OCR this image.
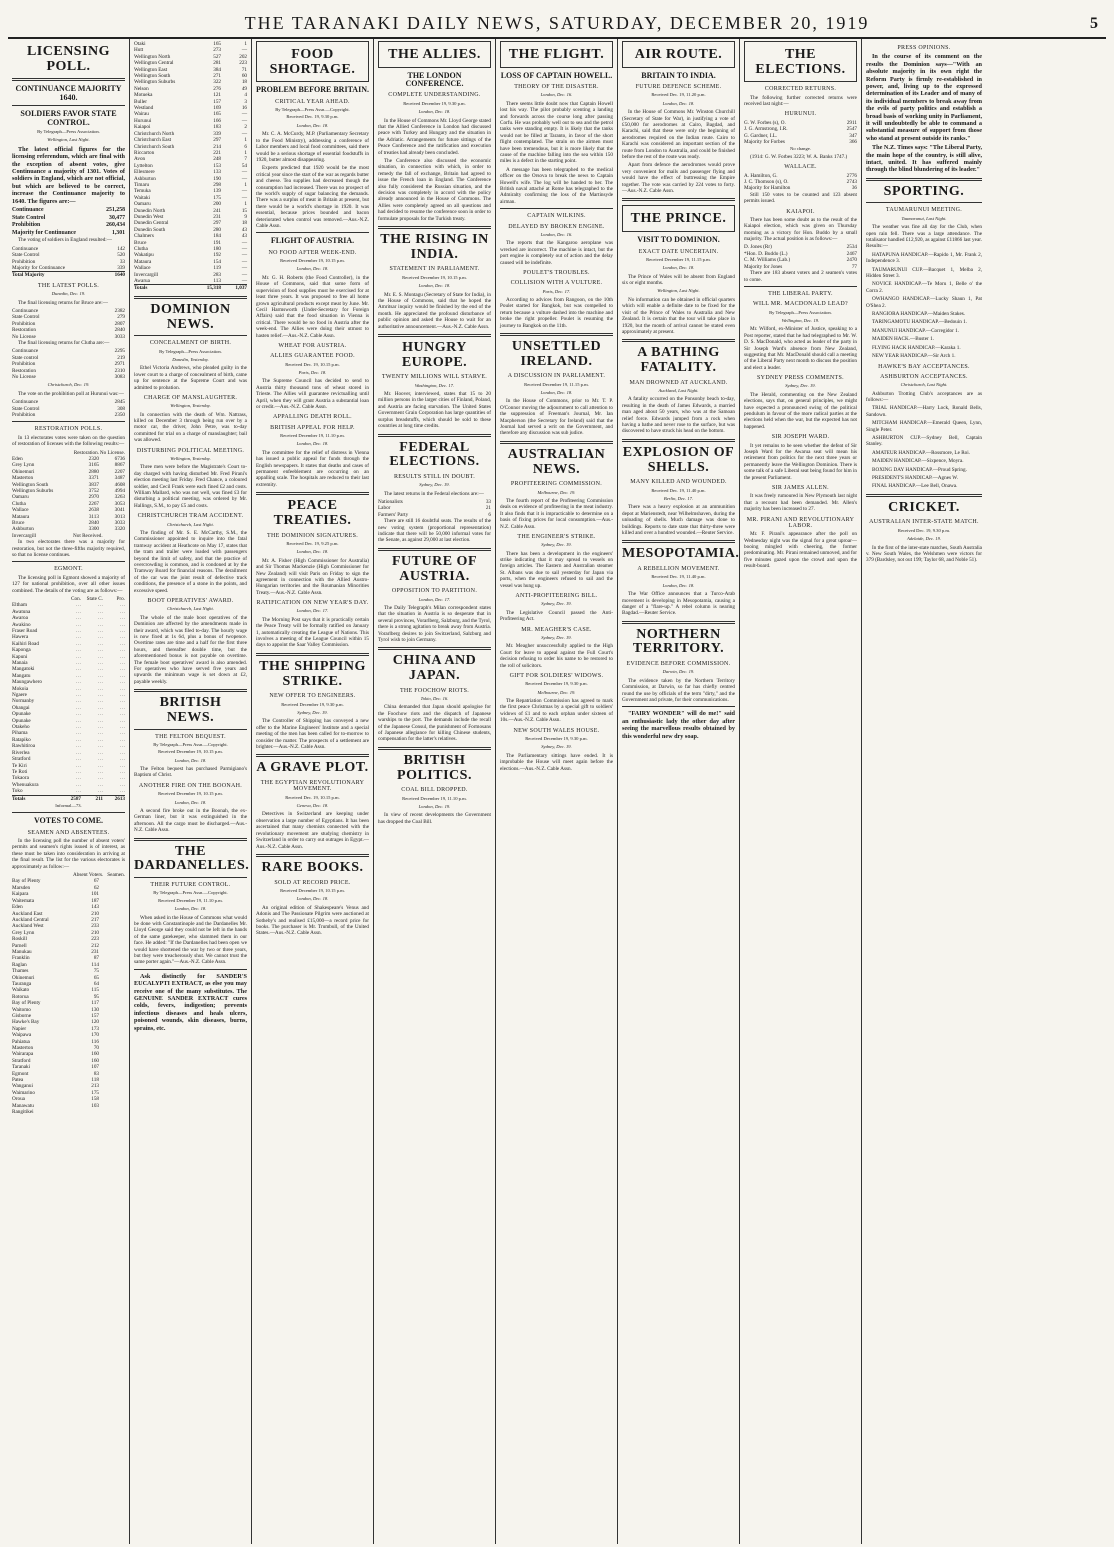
THE TARANAKI DAILY NEWS, SATURDAY, DECEMBER 20, 1919	5
LICENSING POLL.
CONTINUANCE MAJORITY 1640.
SOLDIERS FAVOR STATE CONTROL.
By Telegraph—Press Association.
Wellington, Last Night.

The latest official figures for the licensing referendum, which are final with the exception of absent votes, give Continuance a majority of 1301. Votes of soldiers in England, which are not official, but which are believed to be correct, increase the Continuance majority to 1640. The figures are:—

Continuance	251,258
State Control	30,477
Prohibition	260,434
Majority for Continuance	1,301

The voting of soldiers in England resulted:—

Continuance	142
State Control	520
Prohibition	33
Majority for Continuance	339
Total Majority	1640
THE LATEST POLLS.
Dunedin, Dec. 19.

The final licensing returns for Bruce are:—

Continuance	2382
State Control	279
Prohibition	2807
Restoration	2840
No License	3033

The final licensing returns for Clutha are:—

Continuance	2295
State control	219
Prohibition	2971
Restoration	2310
No License	3083
Christchurch, Dec. 19.

The vote on the prohibition poll at Hurunui was:—

Continuance	2845
State Control	308
Prohibition	2350
RESTORATION POLLS.

In 13 electorates votes were taken on the question of restoration of licenses with the following results:—

Restoration. No License.
Eden	2320	6736
Grey Lynn	3165	8867
Ohinemuri	2880	2207
Masterton	3371	3487
Wellington South	3837	4608
Wellington Suburbs	3752	4994
Oamaru	2970	3263
Clutha	2267	3053
Wallace	2638	3041
Mataura	3113	3013
Bruce	2840	3033
Ashburton	3300	3320
Invercargill	Not Received.

In two electorates there was a majority for restoration, but not the three-fifths majority required, so that no license continues.

EGMONT.

The licensing poll in Egmont showed a majority of 127 for national prohibition, over all other issues combined. The details of the voting are as follows:—

Con.	State C.	Pro.
Eltham	…	…	…
Awatuna	…	…	…
Awaroa	…	…	…
Awakino	…	…	…
Fraser Road	…	…	…
Hawera	…	…	…
Kaihiri Road	…	…	…
Kaponga	…	…	…
Kapuni	…	…	…
Manaia	…	…	…
Mangatoki	…	…	…
Mangatu	…	…	…
Maungawhero	…	…	…
Mokoia	…	…	…
Ngaere	…	…	…
Normanby	…	…	…
Ohangai	…	…	…
Opunake	…	…	…
Opunake	…	…	…
Otakeho	…	…	…
Pihama	…	…	…
Ratapiko	…	…	…
Rawhitiroa	…	…	…
Riverlea	…	…	…
Stratford	…	…	…
Te Kiri	…	…	…
Te Roti	…	…	…
Tokaora	…	…	…
Whenuakura	…	…	…
Toko	…	…	…
Totals	2587	211	2613
Informal—73.
VOTES TO COME.
SEAMEN AND ABSENTEES.

In the licensing poll the number of absent voters' permits and seamen's rights issued is of interest, as these must be taken into consideration in arriving at the final result. The list for the various electorates is approximately as follow:—

Absent Voters. Seamen.
Bay of Plenty	67
Marsden	62
Kaipara	101
Waitemata	187
Eden	143
Auckland East	210
Auckland Central	217
Auckland West	233
Grey Lynn	210
Roskill	223
Parnell	212
Manukau	231
Franklin	87
Raglan	114
Thames	75
Ohinemuri	65
Tauranga	64
Waikato	115
Rotorua	95
Bay of Plenty	117
Waitomo	130
Gisborne	157
Hawke's Bay	120
Napier	173
Waipawa	170
Pahiatua	116
Masterton	70
Wairarapa	160
Stratford	160
Taranaki	107
Egmont	83
Patea	118
Wanganui	213
Waimarino	175
Oroua	158
Manawatu	103
Rangitikei
Otaki	165	1
Hutt	273	—
Wellington North	527	202
Wellington Central	281	223
Wellington East	384	71
Wellington South	271	60
Wellington Suburbs	322	18
Nelson	276	49
Motueka	121	4
Buller	157	3
Westland	169	16
Wairau	165	—
Hurunui	166	—
Kaiapoi	183	2
Christchurch North	339	—
Christchurch East	297	1
Christchurch South	214	6
Riccarton	221	1
Avon	248	7
Lyttelton	153	54
Ellesmere	133	—
Ashburton	190	—
Timaru	298	1
Temuka	139	—
Waitaki	175	—
Oamaru	200	1
Dunedin North	241	15
Dunedin West	231	9
Dunedin Central	297	18
Dunedin South	280	43
Chalmers	184	43
Bruce	191	—
Clutha	180	—
Wakatipu	192	—
Mataura	154	—
Wallace	119	—
Invercargill	283	—
Awarua	113	—
Totals	15,318	1,037
DOMINION NEWS.
CONCEALMENT OF BIRTH.
By Telegraph—Press Association.
Dunedin, Yesterday.

Ethel Victoria Andrews, who pleaded guilty in the lower court to a charge of concealment of birth, came up for sentence at the Supreme Court and was admitted to probation.

CHARGE OF MANSLAUGHTER.
Wellington, Yesterday.

In connection with the death of Wm. Nattrass, killed on December 3 through being run over by a motor car, the driver, John Petre, was to-day committed for trial on a charge of manslaughter; bail was allowed.

DISTURBING POLITICAL MEETING.
Wellington, Yesterday.

Three men were before the Magistrate's Court to-day charged with having disturbed Mr. Fred Pirani's election meeting last Friday. Fred Chance, a coloured soldier, and Cecil Frank were each fined £2 and costs. William Mallard, who was not well, was fined £3 for disturbing a political meeting, was ordered by Mr. Hallings, S.M., to pay £5 and costs.

CHRISTCHURCH TRAM ACCIDENT.
Christchurch, Last Night.

The finding of Mr. S. E. McCarthy, S.M., the Commissioner appointed to inquire into the fatal tramway accident at Heathcote on May 17, states that the tram and trailer were loaded with passengers beyond the limit of safety, and that the practice of overcrowding is common, and is condoned at by the Tramway Board for financial reasons. The derailment of the car was the joint result of defective track conditions, the presence of a stone in the points, and excessive speed.

BOOT OPERATIVES' AWARD.
Christchurch, Last Night.

The whole of the male boot operatives of the Dominion are affected by the amendments made in their award, which was filed to-day. The hourly wage is now fixed at 1s 6d, plus a bonus of twopence. Overtime rates are time and a half for the first three hours, and thereafter double time, but the aforementioned bonus is not payable on overtime. The female boot operatives' award is also amended. For operatives who have served five years and upwards the minimum wage is set down at £2, payable weekly.

BRITISH NEWS.
THE FELTON BEQUEST.
By Telegraph—Press Assn.—Copyright.
Received December 19, 10.15 p.m.
London, Dec. 18.

The Felton bequest has purchased Parmigiano's Baptism of Christ.

ANOTHER FIRE ON THE BOONAH.
Received December 19, 10.15 p.m.
London, Dec. 18.

A second fire broke out in the Boonah, the ex-German liner, but it was extinguished in the afternoon. All the cargo must be discharged.—Aus.-N.Z. Cable Assn.

THE DARDANELLES.
THEIR FUTURE CONTROL.
By Telegraph—Press Assn.—Copyright.
Received December 19, 11.10 p.m.
London, Dec. 18.

When asked in the House of Commons what would be done with Constantinople and the Dardanelles Mr. Lloyd George said they could not be left in the hands of the same gatekeeper, who slammed them in our face. He added: "If the Dardanelles had been open we would have shortened the war by two or three years, but they were treacherously shut. We cannot trust the same porter again."—Aus.-N.Z. Cable Assn.

Ask distinctly for SANDER'S EUCALYPTI EXTRACT, as else you may receive one of the many substitutes. The GENUINE SANDER EXTRACT cures colds, fevers, indigestion; prevents infectious diseases and heals ulcers, poisoned wounds, skin diseases, burns, sprains, etc.

FOOD SHORTAGE.
PROBLEM BEFORE BRITAIN.
CRITICAL YEAR AHEAD.
By Telegraph—Press Assn.—Copyright.
Received Dec. 19, 9.30 p.m.
London, Dec. 18.

Mr. C. A. McCurdy, M.P. (Parliamentary Secretary to the Food Ministry), addressing a conference of Labor members and local food committees, said there would be a serious shortage of essential foodstuffs in 1920, butter almost disappearing.

Experts predicted that 1920 would be the most critical year since the start of the war as regards butter and cheese. Tea supplies had decreased though the consumption had increased. There was no prospect of the world's supply of sugar balancing the demands. There was a surplus of meat in Britain at present, but there would be a world's shortage in 1920. It was essential, because prices bounded and bacon deteriorated when control was removed.—Aus.-N.Z. Cable Assn.

FLIGHT OF AUSTRIA.
NO FOOD AFTER WEEK-END.
Received December 19, 10.15 p.m.
London, Dec. 18.

Mr. G. H. Roberts (the Food Controller), in the House of Commons, said that some form of supervision of food supplies must be exercised for at least three years. It was proposed to free all home grown agricultural products except meat by June. Mr. Cecil Harmsworth (Under-Secretary for Foreign Affairs) said that the food situation in Vienna is critical. There would be no food in Austria after the week-end. The Allies were doing their utmost to hasten relief.—Aus.-N.Z. Cable Assn.

WHEAT FOR AUSTRIA.
ALLIES GUARANTEE FOOD.
Received Dec. 19, 10.15 p.m.
Paris, Dec. 18.

The Supreme Council has decided to send to Austria thirty thousand tons of wheat stored in Trieste. The Allies will guarantee revictualling until April, when they will grant Austria a substantial loan or credit.—Aus.-N.Z. Cable Assn.

APPALLING DEATH ROLL.
BRITISH APPEAL FOR HELP.
Received December 19, 11.10 p.m.
London, Dec. 18.

The committee for the relief of distress in Vienna has issued a public appeal for funds through the English newspapers. It states that deaths and cases of permanent enfeeblement are occurring on an appalling scale. The hospitals are reduced to their last extremity.

PEACE TREATIES.
THE DOMINION SIGNATURES.
Received Dec. 19, 9.25 p.m.
London, Dec. 18.

Mr. A. Fisher (High Commissioner for Australia) and Sir Thomas Mackenzie (High Commissioner for New Zealand) will visit Paris on Friday to sign the agreement in connection with the Allied Austro-Hungarian territories and the Roumanian Minorities Treaty.—Aus.-N.Z. Cable Assn.

RATIFICATION ON NEW YEAR'S DAY.
London, Dec. 17.

The Morning Post says that it is practically certain the Peace Treaty will be formally ratified on January 1, automatically creating the League of Nations. This involves a meeting of the League Council within 15 days to appoint the Saar Valley Commission.

THE SHIPPING STRIKE.
NEW OFFER TO ENGINEERS.
Received December 19, 9.30 p.m.
Sydney, Dec. 19.

The Controller of Shipping has conveyed a new offer to the Marine Engineers' Institute and a special meeting of the men has been called for to-morrow to consider the matter. The prospects of a settlement are brighter.—Aus.-N.Z. Cable Assn.

A GRAVE PLOT.
THE EGYPTIAN REVOLUTIONARY MOVEMENT.
Received Dec. 19, 10.15 p.m.
Geneva, Dec. 18.

Detectives in Switzerland are keeping under observation a large number of Egyptians. It has been ascertained that many chemists connected with the revolutionary movement are studying chemistry in Switzerland in order to carry out outrages in Egypt.—Aus.-N.Z. Cable Assn.

RARE BOOKS.
SOLD AT RECORD PRICE.
Received December 19, 10.15 p.m.
London, Dec. 18.

An original edition of Shakespeare's Venus and Adonis and The Passionate Pilgrim were auctioned at Sotheby's and realised £15,000—a record price for books. The purchaser is Mr. Trumbull, of the United States.—Aus.-N.Z. Cable Assn.

THE ALLIES.
THE LONDON CONFERENCE.
COMPLETE UNDERSTANDING.
Received December 19, 9.30 p.m.
London, Dec. 18.

In the House of Commons Mr. Lloyd George stated that the Allied Conference in London had discussed peace with Turkey and Hungary and the situation in the Adriatic. Arrangements for future sittings of the Peace Conference and the ratification and execution of treaties had already been concluded.

The Conference also discussed the economic situation, in connection with which, in order to remedy the fall of exchange, Britain had agreed to issue the French loan in England. The Conference also fully considered the Russian situation, and the decision was completely in accord with the policy already announced in the House of Commons. The Allies were completely agreed on all questions and had decided to resume the conference soon in order to formulate proposals for the Turkish treaty.

THE RISING IN INDIA.
STATEMENT IN PARLIAMENT.
Received December 19, 10.15 p.m.
London, Dec. 18.

Mr. E. S. Montagu (Secretary of State for India), in the House of Commons, said that he hoped the Amritsar inquiry would be finished by the end of the month. He appreciated the profound disturbance of public opinion and asked the House to wait for an authoritative announcement.—Aus.-N.Z. Cable Assn.

HUNGRY EUROPE.
TWENTY MILLIONS WILL STARVE.
Washington, Dec. 17.

Mr. Hoover, interviewed, states that 15 to 20 million persons in the larger cities of Finland, Poland, and Austria are facing starvation. The United States Government Grain Corporation has large quantities of surplus breadstuffs, which should be sold to these countries at long time credits.

FEDERAL ELECTIONS.
RESULTS STILL IN DOUBT.
Sydney, Dec. 19.

The latest returns in the Federal elections are:—

Nationalists	33
Labor	21
Farmers' Party	6

There are still 16 doubtful seats. The results of the new voting system (proportional representation) indicate that there will be 50,000 informal votes for the Senate, as against 29,000 at last election.

FUTURE OF AUSTRIA.
OPPOSITION TO PARTITION.
London, Dec. 17.

The Daily Telegraph's Milan correspondent states that the situation in Austria is so desperate that in several provinces, Vorarlberg, Salzburg, and the Tyrol, there is a strong agitation to break away from Austria. Vorarlberg desires to join Switzerland, Salzburg and Tyrol wish to join Germany.

CHINA AND JAPAN.
THE FOOCHOW RIOTS.
Tokio, Dec. 16.

China demanded that Japan should apologise for the Foochow riots and the dispatch of Japanese warships to the port. The demands include the recall of the Japanese Consul, the punishment of Formosans of Japanese allegiance for killing Chinese students, compensation for the latter's relatives.

BRITISH POLITICS.
COAL BILL DROPPED.
Received December 19, 11.10 p.m.
London, Dec. 19.

In view of recent developments the Government has dropped the Coal Bill.

THE FLIGHT.
LOSS OF CAPTAIN HOWELL.
THEORY OF THE DISASTER.
London, Dec. 16.

There seems little doubt now that Captain Howell lost his way. The pilot probably scenting a landing and forwards across the course long after passing Corfu. He was probably well out to sea and the petrol tanks were standing empty. It is likely that the tanks would not be filled at Taranto, in favor of the short flight contemplated. The strain on the airmen must have been tremendous, but it is more likely that the cause of the machine falling into the sea within 150 miles is a defect in the starting point.

A message has been telegraphed to the medical officer on the Orsova to break the news to Captain Howell's wife. The log will be handed to her. The British naval attaché at Rome has telegraphed to the Admiralty confirming the loss of the Martinsyde airman.

CAPTAIN WILKINS.
DELAYED BY BROKEN ENGINE.
London, Dec. 16.

The reports that the Kangaroo aeroplane was wrecked are incorrect. The machine is intact, but the port engine is completely out of action and the delay caused will be indefinite.

POULET'S TROUBLES.
COLLISION WITH A VULTURE.
Paris, Dec. 17.

According to advices from Rangoon, on the 10th Poulet started for Bangkok, but was compelled to return because a vulture dashed into the machine and broke the right propeller. Poulet is resuming the journey to Bangkok on the 11th.

UNSETTLED IRELAND.
A DISCUSSION IN PARLIAMENT.
Received December 19, 11.15 p.m.
London, Dec. 18.

In the House of Commons, prior to Mr. T. P. O'Connor moving the adjournment to call attention to the suppression of Freeman's Journal, Mr. Ian Macpherson (the Secretary for Ireland) said that the Journal had served a writ on the Government, and therefore any discussion was sub judice.

AUSTRALIAN NEWS.
PROFITEERING COMMISSION.
Melbourne, Dec. 19.

The fourth report of the Profiteering Commission deals on evidence of profiteering in the meat industry. It also finds that it is impracticable to determine on a basis of fixing prices for local consumption.—Aus.-N.Z. Cable Assn.

THE ENGINEER'S STRIKE.
Sydney, Dec. 19.

There has been a development in the engineers' strike indicating that it may spread to vessels on foreign articles. The Eastern and Australian steamer St. Albans was due to sail yesterday for Japan via ports, when the engineers refused to sail and the vessel was hung up.

ANTI-PROFITEERING BILL.
Sydney, Dec. 19.

The Legislative Council passed the Anti-Profiteering Act.

MR. MEAGHER'S CASE.
Sydney, Dec. 19.

Mr. Meagher unsuccessfully applied to the High Court for leave to appeal against the Full Court's decision refusing to order his name to be restored to the roll of solicitors.

GIFT FOR SOLDIERS' WIDOWS.
Received December 19, 9.30 p.m.
Melbourne, Dec. 19.

The Repatriation Commission has agreed to mark the first peace Christmas by a special gift to soldiers' widows of £1 and to each orphan under sixteen of 10s.—Aus.-N.Z. Cable Assn.

NEW SOUTH WALES HOUSE.
Received December 19, 9.30 p.m.
Sydney, Dec. 19.

The Parliamentary sittings have ended. It is improbable the House will meet again before the elections.—Aus.-N.Z. Cable Assn.

AIR ROUTE.
BRITAIN TO INDIA.
FUTURE DEFENCE SCHEME.
Received Dec. 19, 11.20 p.m.
London, Dec. 18.

In the House of Commons Mr. Winston Churchill (Secretary of State for War), in justifying a vote of £50,000 for aerodromes at Cairo, Bagdad, and Karachi, said that these were only the beginning of aerodromes required on the Indian route. Cairo to Karachi was considered an important section of the route from London to Australia, and could be finished before the rest of the route was ready.

Apart from defence the aerodromes would prove very convenient for mails and passenger flying and would have the effect of buttressing the Empire together. The vote was carried by 224 votes to forty.—Aus.-N.Z. Cable Assn.

THE PRINCE.
VISIT TO DOMINION.
EXACT DATE UNCERTAIN.
Received December 19, 11.15 p.m.
London, Dec. 18.

The Prince of Wales will be absent from England six or eight months.

Wellington, Last Night.

No information can be obtained in official quarters which will enable a definite date to be fixed for the visit of the Prince of Wales to Australia and New Zealand. It is certain that the tour will take place in 1920, but the month of arrival cannot be stated even approximately at present.

A BATHING FATALITY.
MAN DROWNED AT AUCKLAND.
Auckland, Last Night.

A fatality occurred on the Ponsonby beach to-day, resulting in the death of James Edwards, a married man aged about 50 years, who was at the Samoan relief force. Edwards jumped from a rock when having a bathe and never rose to the surface, but was discovered to have struck his head on the bottom.

EXPLOSION OF SHELLS.
MANY KILLED AND WOUNDED.
Received Dec. 19, 11.40 p.m.
Berlin, Dec. 17.

There was a heavy explosion at an ammunition depot at Marienstedt, near Wilhelmshaven, during the unloading of shells. Much damage was done to buildings. Reports to date state that thirty-three were killed and over a hundred wounded.—Reuter Service.

MESOPOTAMIA.
A REBELLION MOVEMENT.
Received Dec. 19, 11.40 p.m.
London, Dec. 18.

The War Office announces that a Turco-Arab movement is developing in Mesopotamia, causing a danger of a "flare-up." A rebel column is nearing Bagdad.—Reuter Service.

NORTHERN TERRITORY.
EVIDENCE BEFORE COMMISSION.
Darwin, Dec. 19.

The evidence taken by the Northern Territory Commission, at Darwin, so far has chiefly centred round the use by officials of the term "dirty," and the Government and private, for their communications.

"FAIRY WONDER" will do me!" said an enthusiastic lady the other day after seeing the marvellous results obtained by this wonderful new dry soap.

THE ELECTIONS.
CORRECTED RETURNS.

The following further corrected returns were received last night:—

HURUNUI.
G. W. Forbes (s), O.	2911
J. G. Armstrong, I.R.	2547
G. Gardner, I.L.	347
Majority for Forbes	366
No change.

(1914: G. W. Forbes 3223; W. A. Banks 1747.)

WALLACE.
A. Hamilton, G.	2776
J. C. Thomson (s), O.	2743
Majority for Hamilton	36

Still 150 votes to be counted and 123 absent permits issued.

KAIAPOI.

There has been some doubt as to the result of the Kaiapoi election, which was given on Thursday morning as a victory for Hon. Buddo by a small majority. The actual position is as follows:—

D. Jones (Rr)	2534
*Hon. D. Buddo (L.)	2467
C. M. Williams (Lab.)	2470
Majority for Jones	77

There are 183 absent voters and 2 seamen's votes to come.

THE LIBERAL PARTY.
WILL MR. MACDONALD LEAD?
By Telegraph—Press Association.
Wellington, Dec. 19.

Mr. Wilford, ex-Minister of Justice, speaking to a Post reporter, stated that he had telegraphed to Mr. W. D. S. MacDonald, who acted as leader of the party in Sir Joseph Ward's absence from New Zealand, suggesting that Mr. MacDonald should call a meeting of the Liberal Party next month to discuss the position and elect a leader.

SYDNEY PRESS COMMENTS.
Sydney, Dec. 19.

The Herald, commenting on the New Zealand elections, says that, on general principles, we might have expected a pronounced swing of the political pendulum in favour of the more radical parties at the elections held when the war, but the expected has not happened.

SIR JOSEPH WARD.

It yet remains to be seen whether the defeat of Sir Joseph Ward for the Awarua seat will mean his retirement from politics for the next three years or permanently leave the Wellington Dominion. There is some talk of a safe Liberal seat being found for him in the present Parliament.

SIR JAMES ALLEN.

It was freely rumoured in New Plymouth last night that a recount had been demanded. Mr. Allen's majority has been increased to 27.

MR. PIRANI AND REVOLUTIONARY LABOR.

Mr. F. Pirani's appearance after the poll on Wednesday night was the signal for a great uproar—booing mingled with cheering, the former predominating. Mr. Pirani remained unmoved, and for five minutes gazed upon the crowd and upon the result-board.

PRESS OPINIONS.

In the course of its comment on the results the Dominion says—"With an absolute majority in its own right the Reform Party is firmly re-established in power, and, living up to the expressed determination of its Leader and of many of its individual members to break away from the evils of party politics and establish a broad basis of working unity in Parliament, it will undoubtedly be able to command a substantial measure of support from those who stand at present outside its ranks."

The N.Z. Times says: "The Liberal Party, the main hope of the country, is still alive, intact, united. It has suffered mainly through the blind blundering of its leader."

SPORTING.
TAUMARUNUI MEETING.
Taumarunui, Last Night.

The weather was fine all day for the Club, when open rain fell. There was a large attendance. The totalisator handled £12,920, as against £11866 last year. Results:—

HATAPUNA HANDICAP.—Rapido 1, Mr. Frank 2, Independence 3.

TAUMARUNUI CUP.—Bacquet 1, Melba 2, Hidden Street 3.

NOVICE HANDICAP.—Te Moru 1, Belle o' the Corra 2.

OWHANGO HANDICAP.—Lucky Shaun 1, Pat O'Shea 2.

RANGIORA HANDICAP.—Maiden Stakes.

TARINGAMOTU HANDICAP.—Bedouin 1.

MANUNUI HANDICAP.—Corregidor 1.

MAIDEN HACK.—Buster 1.

FLYING HACK HANDICAP.—Karaka 1.

NEW YEAR HANDICAP.—Sir Arch 1.

HAWKE'S BAY ACCEPTANCES.
ASHBURTON ACCEPTANCES.
Christchurch, Last Night.

Ashburton Trotting Club's acceptances are as follows:—

TRIAL HANDICAP.—Harry Lock, Ronald Bells, Sandown.

MITCHAM HANDICAP.—Emerald Queen, Lynn, Single Peter.

ASHBURTON CUP.—Sydney Bell, Captain Stanley.

AMATEUR HANDICAP.—Rossmore, Le Roi.

MAIDEN HANDICAP.—Sixpence, Moyra.

BOXING DAY HANDICAP.—Proud Spring.

PRESIDENT'S HANDICAP.—Agnes W.

FINAL HANDICAP.—Lee Bell, Onawa.

CRICKET.
AUSTRALIAN INTER-STATE MATCH.
Received Dec. 19, 9.30 p.m.
Adelaide, Dec. 19.

In the first of the inter-state matches, South Australia v. New South Wales, the Welshmen were victors for 379 (Bardsley, not out 199; Taylor 68, and Noble 51).
